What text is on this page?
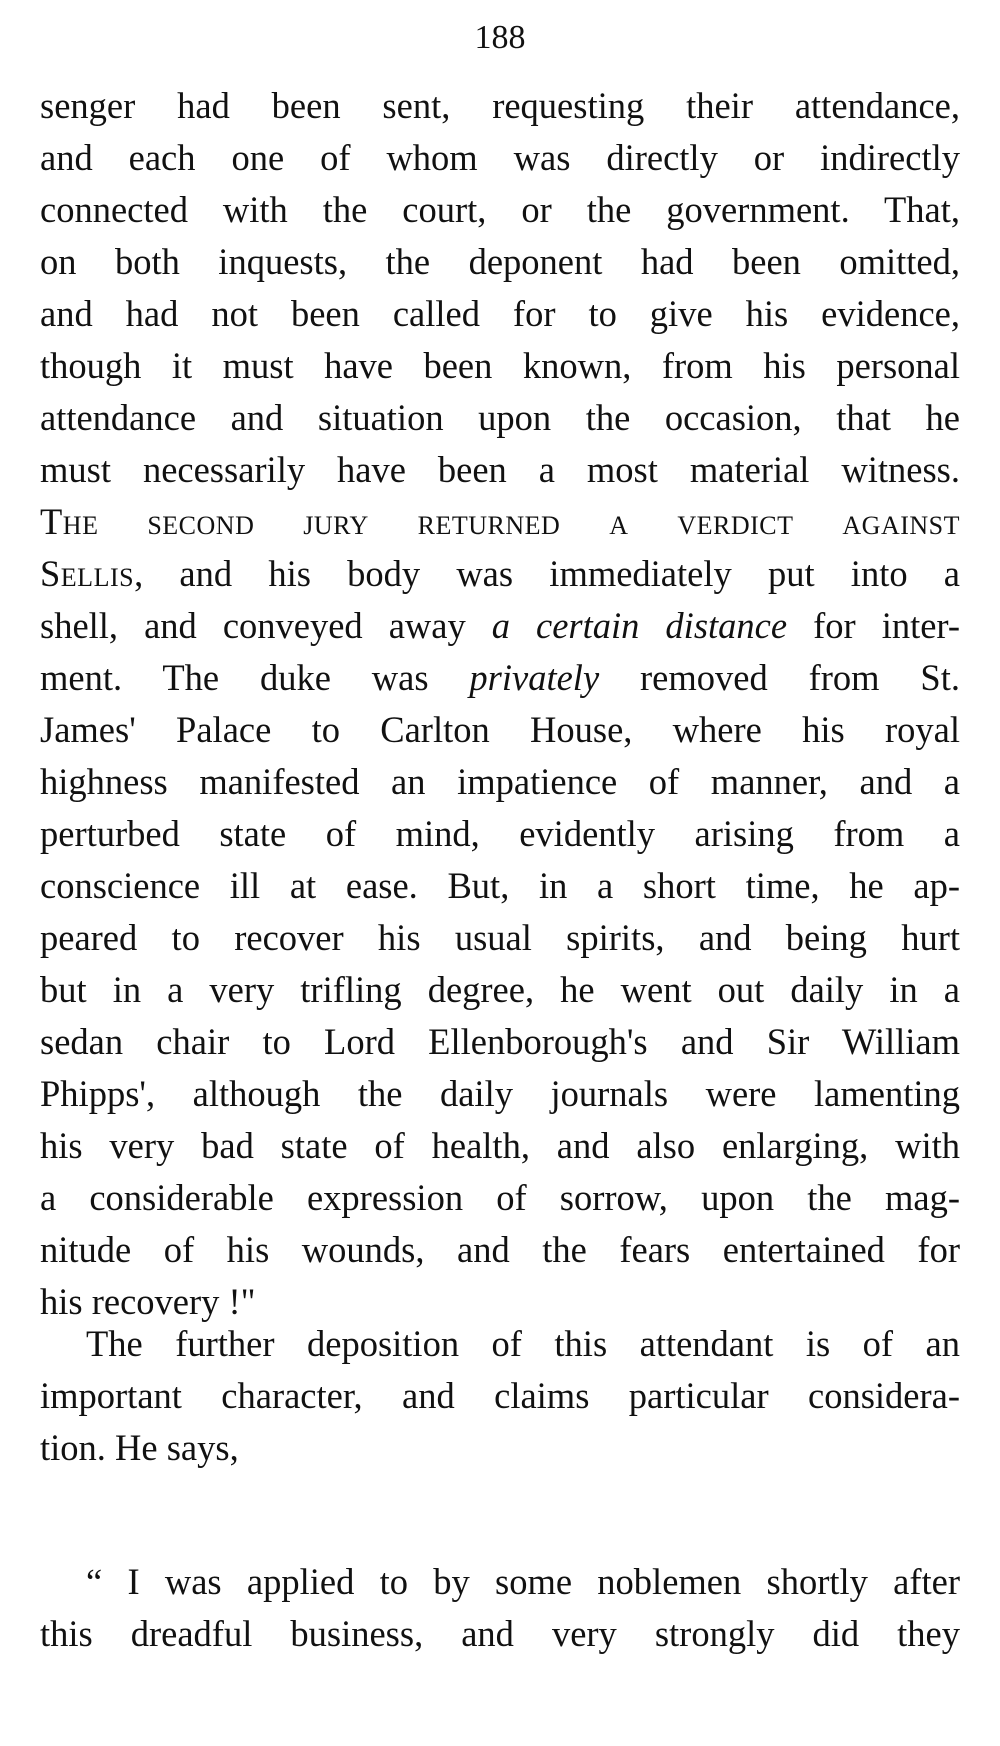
188
senger had been sent, requesting their attendance,
and each one of whom was directly or indirectly
connected with the court, or the government. That,
on both inquests, the deponent had been omitted,
and had not been called for to give his evidence,
though it must have been known, from his personal
attendance and situation upon the occasion, that he
must necessarily have been a most material witness.
The second jury returned a verdict against
Sellis, and his body was immediately put into a
shell, and conveyed away a certain distance for inter-
ment. The duke was privately removed from St.
James' Palace to Carlton House, where his royal
highness manifested an impatience of manner, and a
perturbed state of mind, evidently arising from a
conscience ill at ease. But, in a short time, he ap-
peared to recover his usual spirits, and being hurt
but in a very trifling degree, he went out daily in a
sedan chair to Lord Ellenborough's and Sir William
Phipps', although the daily journals were lamenting
his very bad state of health, and also enlarging, with
a considerable expression of sorrow, upon the mag-
nitude of his wounds, and the fears entertained for
his recovery !"
The further deposition of this attendant is of an
important character, and claims particular considera-
tion. He says,
“ I was applied to by some noblemen shortly after
this dreadful business, and very strongly did they
